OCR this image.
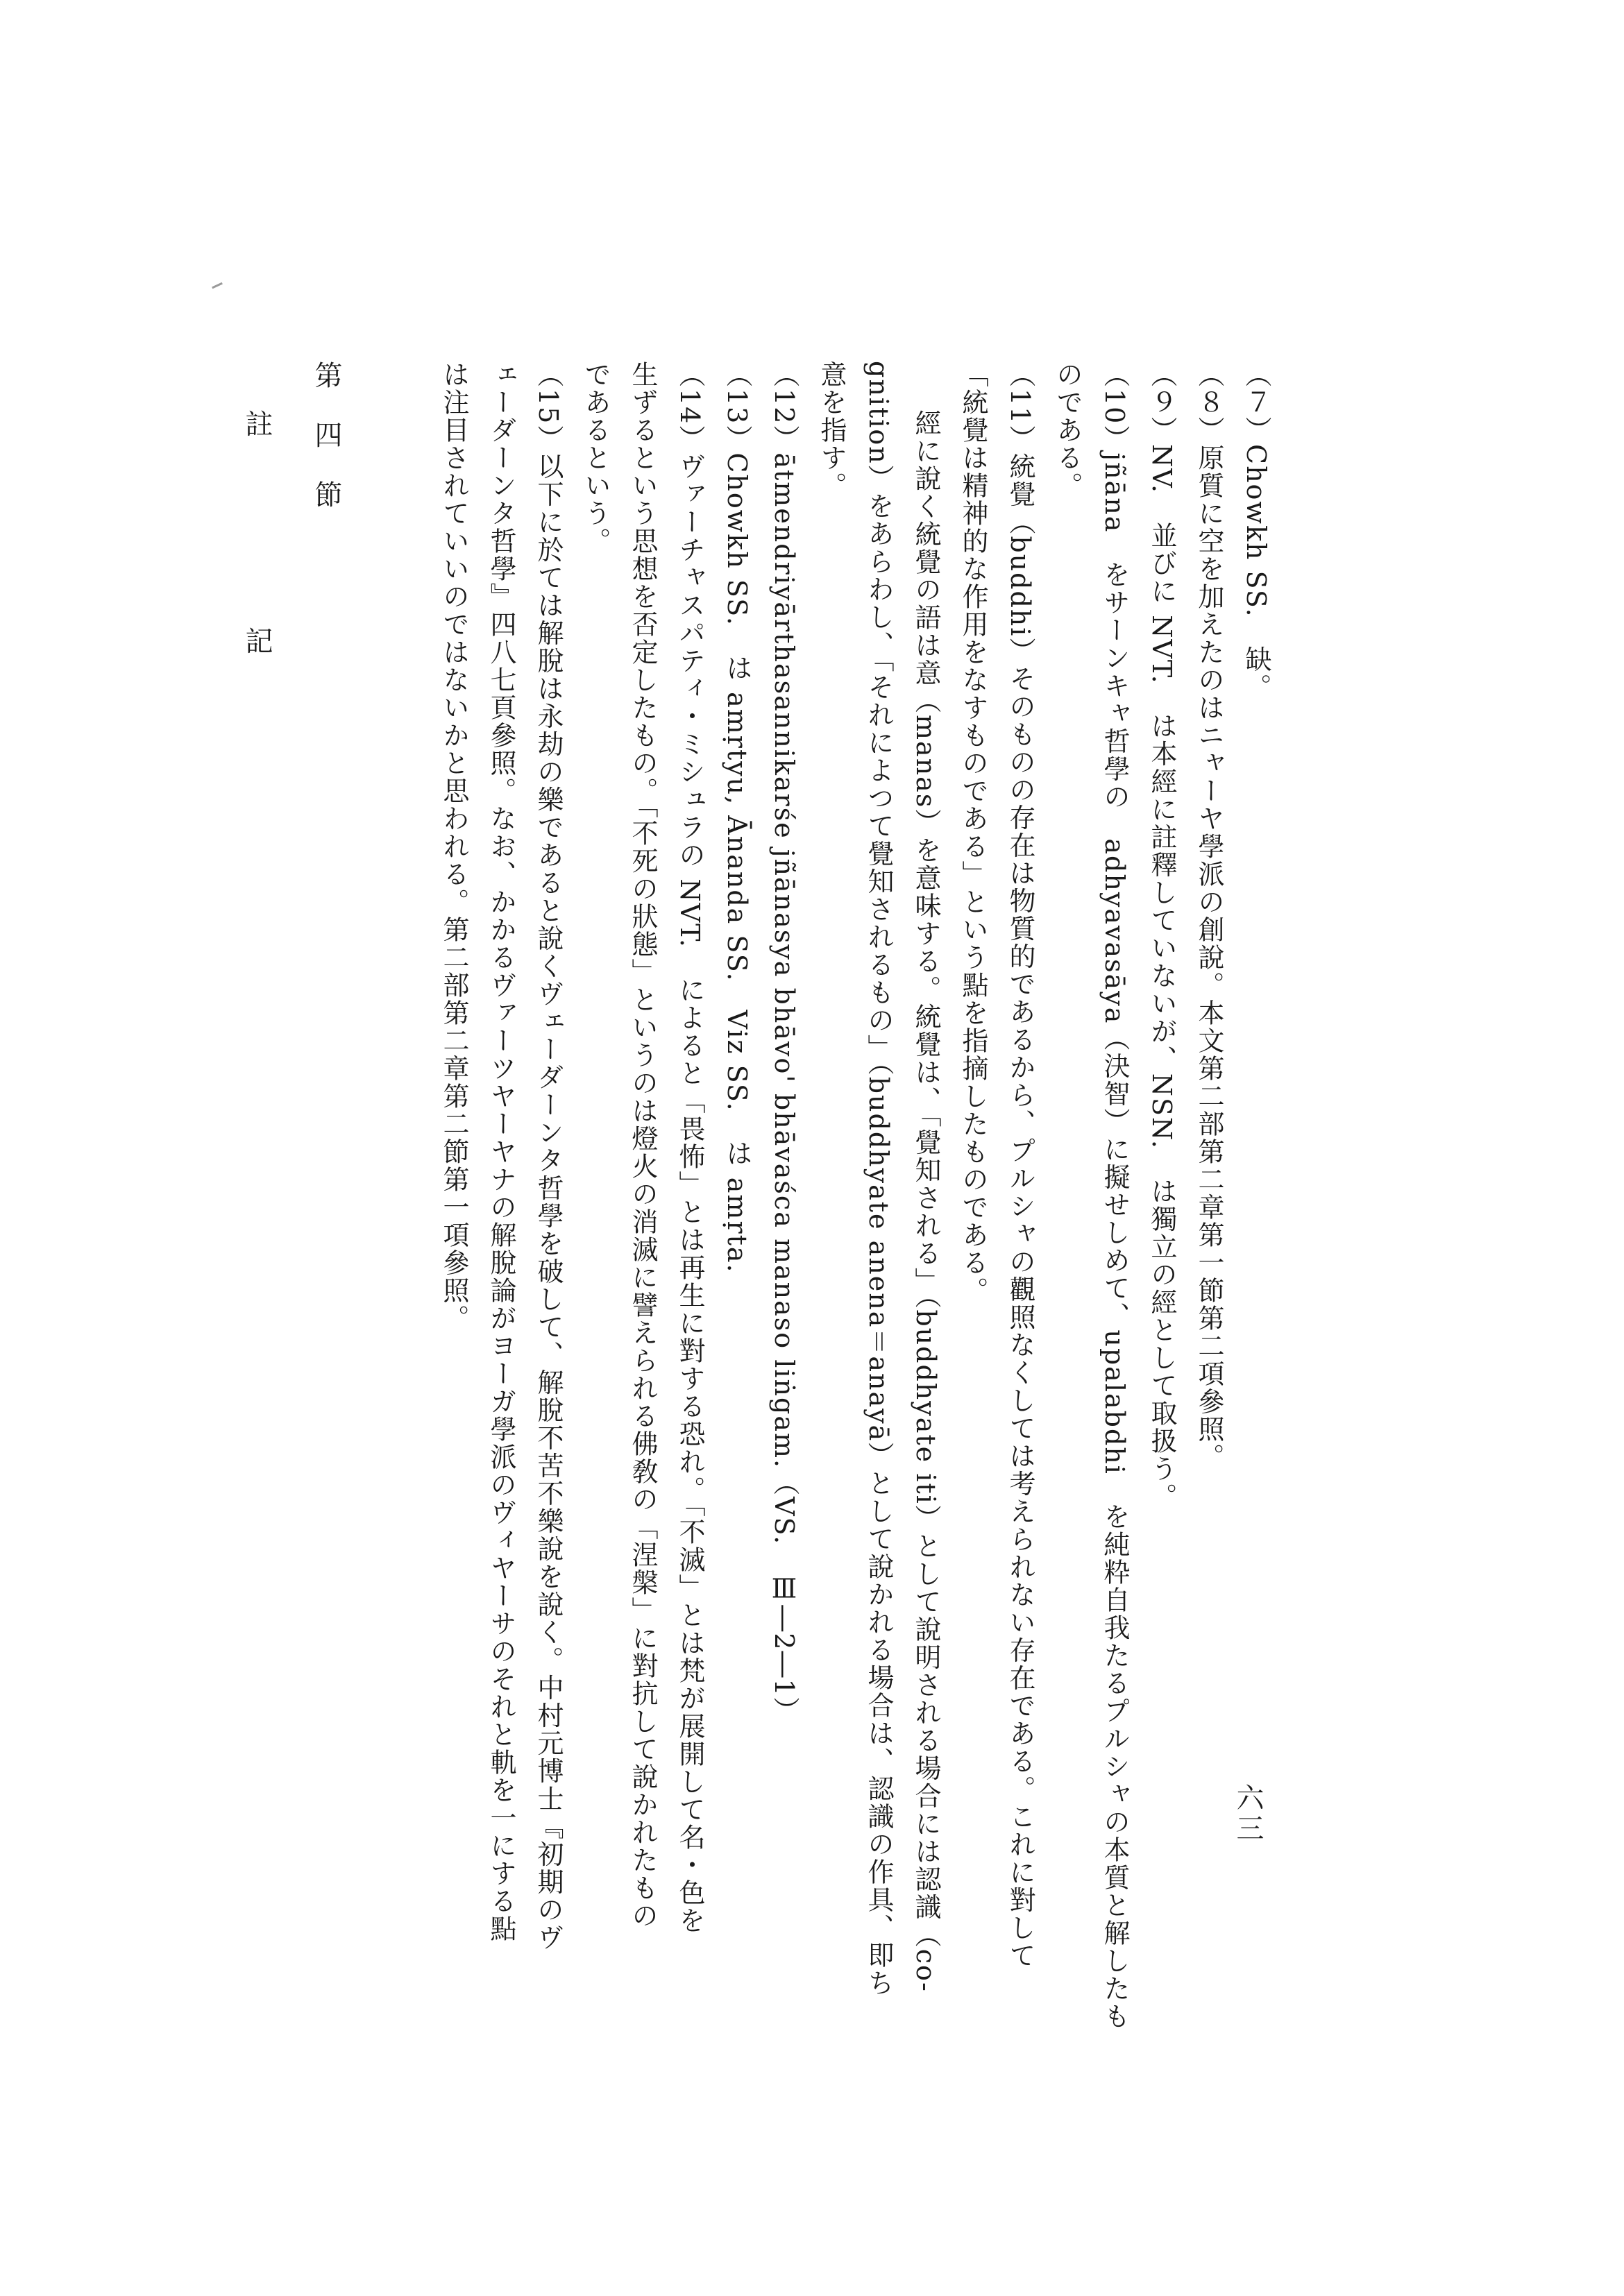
（７）Chowkh SS.　缺。
（８）原質に空を加えたのはニャーヤ學派の創說。本文第二部第二章第一節第二項參照。
（９）NV.　並びに NVT.　は本經に註釋していないが、NSN.　は獨立の經として取扱う。
（10）jñāna　をサーンキャ哲學の　adhyavasāya（決智）に擬せしめて、upalabdhi　を純粋自我たるプルシャの本質と解したも
のである。
（11）統覺（buddhi）そのものの存在は物質的であるから、プルシャの觀照なくしては考えられない存在である。これに對して
「統覺は精神的な作用をなすものである」という點を指摘したものである。
經に說く統覺の語は意（manas）を意味する。統覺は、「覺知される」（buddhyate iti）として說明される場合には認識（co-
gnition）をあらわし、「それによつて覺知されるもの」（buddhyate anena＝anayā）として說かれる場合は、認識の作具、即ち
意を指す。
（12）ātmendriyārthasannikarśe jñānasya bhāvo' bhāvaśca manaso liṅgam.（VS.　Ⅲ―2―1）
（13）Chowkh SS.　は amṛtyu, Ānanda SS.　Viz SS.　は amṛta.
（14）ヴァーチャスパティ・ミシュラの NVT.　によると「畏怖」とは再生に對する恐れ。「不滅」とは梵が展開して名・色を
生ずるという思想を否定したもの。「不死の狀態」というのは燈火の消滅に譬えられる佛敎の「涅槃」に對抗して說かれたもの
であるという。
（15）以下に於ては解脫は永劫の樂であると說くヴェーダーンタ哲學を破して、解脫不苦不樂說を說く。中村元博士『初期のヴ
ェーダーンタ哲學』四八七頁參照。なお、かかるヴァーツヤーヤナの解脫論がヨーガ學派のヴィヤーサのそれと軌を一にする點
は注目されていいのではないかと思われる。第二部第二章第二節第一項參照。
第四節
註 記
六三
